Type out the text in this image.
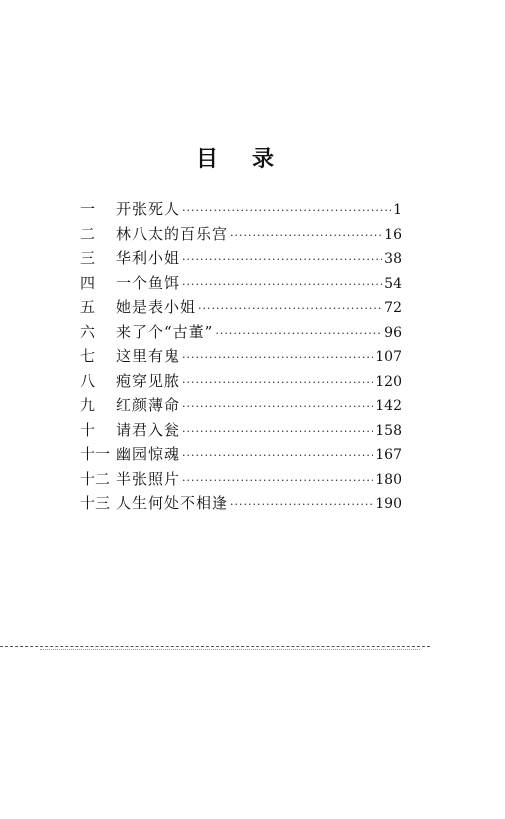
目 录
一	开张死人 ·····	1
二	林八太的百乐宫 ·····	16
三	华利小姐 ·····	38
四	一个鱼饵 ·····	54
五	她是表小姐 ·····	72
六	来了个“古董” ·····	96
七	这里有鬼 ·····	107
八	疱穿见脓 ·····	120
九	红颜薄命 ·····	142
十	请君入瓮 ·····	158
十一 幽园惊魂 ·····	167
十二 半张照片 ·····	180
十三 人生何处不相逢 ·····	190
